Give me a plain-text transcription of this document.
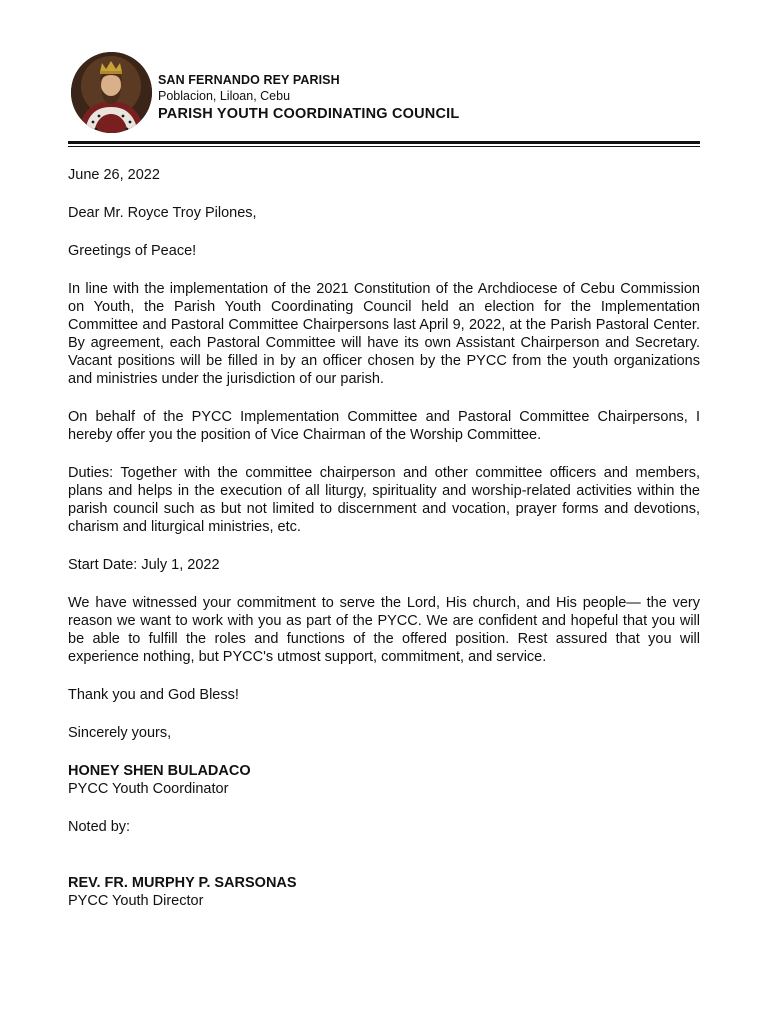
SAN FERNANDO REY PARISH
Poblacion, Liloan, Cebu
PARISH YOUTH COORDINATING COUNCIL

June 26, 2022

Dear Mr. Royce Troy Pilones,

Greetings of Peace!

In line with the implementation of the 2021 Constitution of the Archdiocese of Cebu Commission on Youth, the Parish Youth Coordinating Council held an election for the Implementation Committee and Pastoral Committee Chairpersons last April 9, 2022, at the Parish Pastoral Center. By agreement, each Pastoral Committee will have its own Assistant Chairperson and Secretary. Vacant positions will be filled in by an officer chosen by the PYCC from the youth organizations and ministries under the jurisdiction of our parish.

On behalf of the PYCC Implementation Committee and Pastoral Committee Chairpersons, I hereby offer you the position of Vice Chairman of the Worship Committee.

Duties: Together with the committee chairperson and other committee officers and members, plans and helps in the execution of all liturgy, spirituality and worship-related activities within the parish council such as but not limited to discernment and vocation, prayer forms and devotions, charism and liturgical ministries, etc.

Start Date: July 1, 2022

We have witnessed your commitment to serve the Lord, His church, and His people— the very reason we want to work with you as part of the PYCC. We are confident and hopeful that you will be able to fulfill the roles and functions of the offered position. Rest assured that you will experience nothing, but PYCC's utmost support, commitment, and service.

Thank you and God Bless!

Sincerely yours,

HONEY SHEN BULADACO

PYCC Youth Coordinator

Noted by:

REV. FR. MURPHY P. SARSONAS

PYCC Youth Director
